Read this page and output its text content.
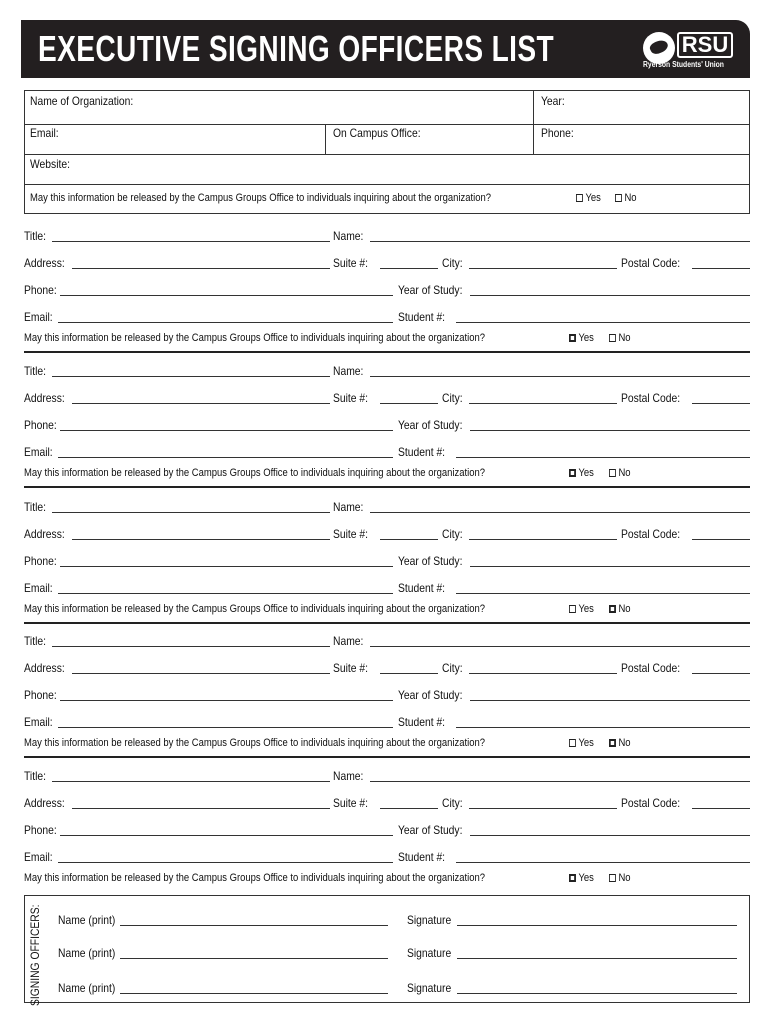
EXECUTIVE SIGNING OFFICERS LIST	RSU
Ryerson Students' Union
Name of Organization:	Year:
Email:	On Campus Office:	Phone:
Website:
May this information be released by the Campus Groups Office to individuals inquiring about the organization?	Yes	No
Title:	Name:
Address:	Suite #:	City:	Postal Code:
Phone:	Year of Study:
Email:	Student #:
May this information be released by the Campus Groups Office to individuals inquiring about the organization?	Yes	No
Title:	Name:
Address:	Suite #:	City:	Postal Code:
Phone:	Year of Study:
Email:	Student #:
May this information be released by the Campus Groups Office to individuals inquiring about the organization?	Yes	No
Title:	Name:
Address:	Suite #:	City:	Postal Code:
Phone:	Year of Study:
Email:	Student #:
May this information be released by the Campus Groups Office to individuals inquiring about the organization?	Yes	No
Title:	Name:
Address:	Suite #:	City:	Postal Code:
Phone:	Year of Study:
Email:	Student #:
May this information be released by the Campus Groups Office to individuals inquiring about the organization?	Yes	No
Title:	Name:
Address:	Suite #:	City:	Postal Code:
Phone:	Year of Study:
Email:	Student #:
May this information be released by the Campus Groups Office to individuals inquiring about the organization?	Yes	No
SIGNING OFFICERS: Name (print)	Signature
Name (print)	Signature
Name (print)	Signature
